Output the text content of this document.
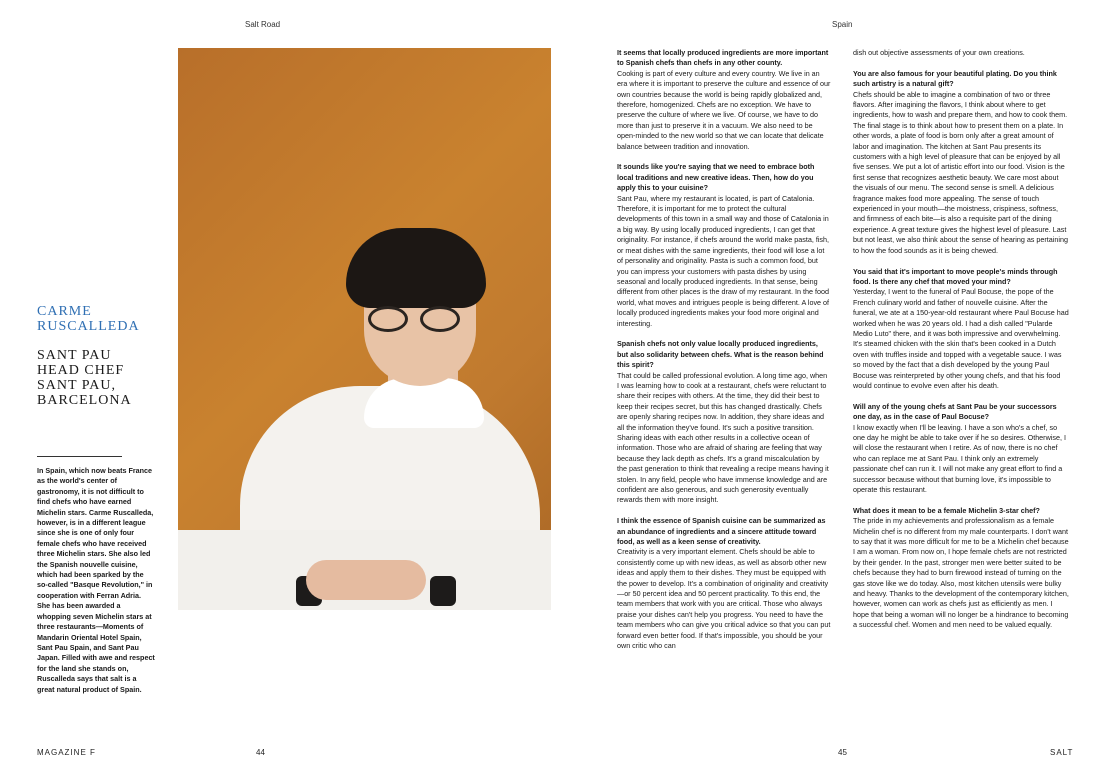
Salt Road
CARME
RUSCALLEDA
SANT PAU
HEAD CHEF
SANT PAU,
BARCELONA
In Spain, which now beats France as the world's center of gastronomy, it is not difficult to find chefs who have earned Michelin stars. Carme Ruscalleda, however, is in a different league since she is one of only four female chefs who have received three Michelin stars. She also led the Spanish nouvelle cuisine, which had been sparked by the so-called "Basque Revolution," in cooperation with Ferran Adria. She has been awarded a whopping seven Michelin stars at three restaurants—Moments of Mandarin Oriental Hotel Spain, Sant Pau Spain, and Sant Pau Japan. Filled with awe and respect for the land she stands on, Ruscalleda says that salt is a great natural product of Spain.
MAGAZINE F	44
Spain
45	SALT
It seems that locally produced ingredients are more important to Spanish chefs than chefs in any other county.
Cooking is part of every culture and every country. We live in an era where it is important to preserve the culture and essence of our own countries because the world is being rapidly globalized and, therefore, homogenized. Chefs are no exception. We have to preserve the culture of where we live. Of course, we have to do more than just to preserve it in a vacuum. We also need to be open-minded to the new world so that we can locate that delicate balance between tradition and innovation.
It sounds like you're saying that we need to embrace both local traditions and new creative ideas. Then, how do you apply this to your cuisine?
Sant Pau, where my restaurant is located, is part of Catalonia. Therefore, it is important for me to protect the cultural developments of this town in a small way and those of Catalonia in a big way. By using locally produced ingredients, I can get that originality. For instance, if chefs around the world make pasta, fish, or meat dishes with the same ingredients, their food will lose a lot of personality and originality. Pasta is such a common food, but you can impress your customers with pasta dishes by using seasonal and locally produced ingredients. In that sense, being different from other places is the draw of my restaurant. In the food world, what moves and intrigues people is being different. A love of locally produced ingredients makes your food more original and interesting.
Spanish chefs not only value locally produced ingredients, but also solidarity between chefs. What is the reason behind this spirit?
That could be called professional evolution. A long time ago, when I was learning how to cook at a restaurant, chefs were reluctant to share their recipes with others. At the time, they did their best to keep their recipes secret, but this has changed drastically. Chefs are openly sharing recipes now. In addition, they share ideas and all the information they've found. It's such a positive transition. Sharing ideas with each other results in a collective ocean of information. Those who are afraid of sharing are feeling that way because they lack depth as chefs. It's a grand miscalculation by the past generation to think that revealing a recipe means having it stolen. In any field, people who have immense knowledge and are confident are also generous, and such generosity eventually rewards them with more insight.
I think the essence of Spanish cuisine can be summarized as an abundance of ingredients and a sincere attitude toward food, as well as a keen sense of creativity.
Creativity is a very important element. Chefs should be able to consistently come up with new ideas, as well as absorb other new ideas and apply them to their dishes. They must be equipped with the power to develop. It's a combination of originality and creativity—or 50 percent idea and 50 percent practicality. To this end, the team members that work with you are critical. Those who always praise your dishes can't help you progress. You need to have the team members who can give you critical advice so that you can put forward even better food. If that's impossible, you should be your own critic who can
dish out objective assessments of your own creations.
You are also famous for your beautiful plating. Do you think such artistry is a natural gift?
Chefs should be able to imagine a combination of two or three flavors. After imagining the flavors, I think about where to get ingredients, how to wash and prepare them, and how to cook them. The final stage is to think about how to present them on a plate. In other words, a plate of food is born only after a great amount of labor and imagination. The kitchen at Sant Pau presents its customers with a high level of pleasure that can be enjoyed by all five senses. We put a lot of artistic effort into our food. Vision is the first sense that recognizes aesthetic beauty. We care most about the visuals of our menu. The second sense is smell. A delicious fragrance makes food more appealing. The sense of touch experienced in your mouth—the moistness, crispiness, softness, and firmness of each bite—is also a requisite part of the dining experience. A great texture gives the highest level of pleasure. Last but not least, we also think about the sense of hearing as pertaining to how the food sounds as it is being chewed.
You said that it's important to move people's minds through food. Is there any chef that moved your mind?
Yesterday, I went to the funeral of Paul Bocuse, the pope of the French culinary world and father of nouvelle cuisine. After the funeral, we ate at a 150-year-old restaurant where Paul Bocuse had worked when he was 20 years old. I had a dish called "Pularde Medio Luto" there, and it was both impressive and overwhelming. It's steamed chicken with the skin that's been cooked in a Dutch oven with truffles inside and topped with a vegetable sauce. I was so moved by the fact that a dish developed by the young Paul Bocuse was reinterpreted by other young chefs, and that his food would continue to evolve even after his death.
Will any of the young chefs at Sant Pau be your successors one day, as in the case of Paul Bocuse?
I know exactly when I'll be leaving. I have a son who's a chef, so one day he might be able to take over if he so desires. Otherwise, I will close the restaurant when I retire. As of now, there is no chef who can replace me at Sant Pau. I think only an extremely passionate chef can run it. I will not make any great effort to find a successor because without that burning love, it's impossible to operate this restaurant.
What does it mean to be a female Michelin 3-star chef?
The pride in my achievements and professionalism as a female Michelin chef is no different from my male counterparts. I don't want to say that it was more difficult for me to be a Michelin chef because I am a woman. From now on, I hope female chefs are not restricted by their gender. In the past, stronger men were better suited to be chefs because they had to burn firewood instead of turning on the gas stove like we do today. Also, most kitchen utensils were bulky and heavy. Thanks to the development of the contemporary kitchen, however, women can work as chefs just as efficiently as men. I hope that being a woman will no longer be a hindrance to becoming a successful chef. Women and men need to be valued equally.
